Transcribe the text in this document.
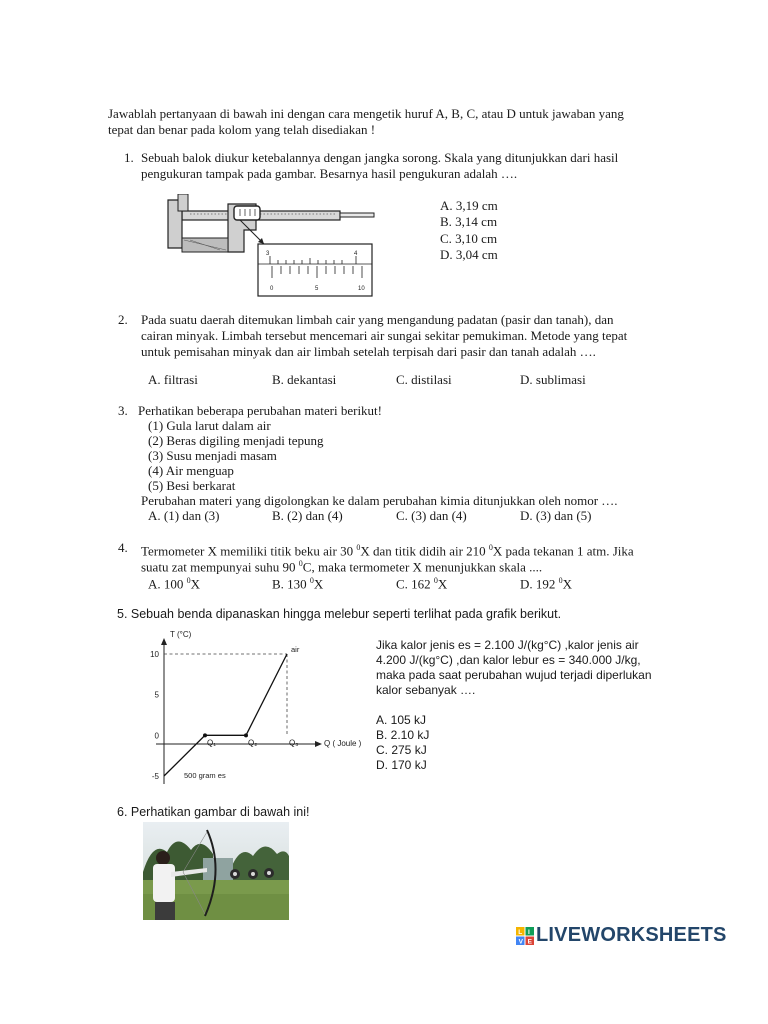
Jawablah pertanyaan di bawah ini dengan cara mengetik huruf A, B, C, atau D untuk jawaban yang
tepat dan benar pada kolom yang telah disediakan !
1. Sebuah balok diukur ketebalannya dengan jangka sorong. Skala yang ditunjukkan dari hasil
pengukuran tampak pada gambar. Besarnya hasil pengukuran adalah ….
3	4
0	5	10
A. 3,19 cm
B. 3,14 cm
C. 3,10 cm
D. 3,04 cm
2. Pada suatu daerah ditemukan limbah cair yang mengandung padatan (pasir dan tanah), dan
cairan minyak. Limbah tersebut mencemari air sungai sekitar pemukiman. Metode yang tepat
untuk pemisahan minyak dan air limbah setelah terpisah dari pasir dan tanah adalah ….
A. filtrasi	B. dekantasi	C. distilasi	D. sublimasi
3. Perhatikan beberapa perubahan materi berikut!
(1) Gula larut dalam air
(2) Beras digiling menjadi tepung
(3) Susu menjadi masam
(4) Air menguap
(5) Besi berkarat
Perubahan materi yang digolongkan ke dalam perubahan kimia ditunjukkan oleh nomor ….
A. (1) dan (3)	B. (2) dan (4)	C. (3) dan (4)	D. (3) dan (5)
4. Termometer X memiliki titik beku air 30 $^0$X dan titik didih air 210 $^0$X pada tekanan 1 atm. Jika
suatu zat mempunyai suhu 90 $^0$C, maka termometer X menunjukkan skala ....
A. 100 $^0$X	B. 130 $^0$X	C. 162 $^0$X	D. 192 $^0$X
5. Sebuah benda dipanaskan hingga melebur seperti terlihat pada grafik berikut.
10
5
0
-5
Q₁	Q₂	Q₃
T (°C)
Q ( Joule )
air
500 gram es
Jika kalor jenis es = 2.100 J/(kg°C) ,kalor jenis air
4.200 J/(kg°C) ,dan kalor lebur es = 340.000 J/kg,
maka pada saat perubahan wujud terjadi diperlukan
kalor sebanyak ….
A. 105 kJ
B. 2.10 kJ
C. 275 kJ
D. 170 kJ
6. Perhatikan gambar di bawah ini!
L I
V E LIVEWORKSHEETS
